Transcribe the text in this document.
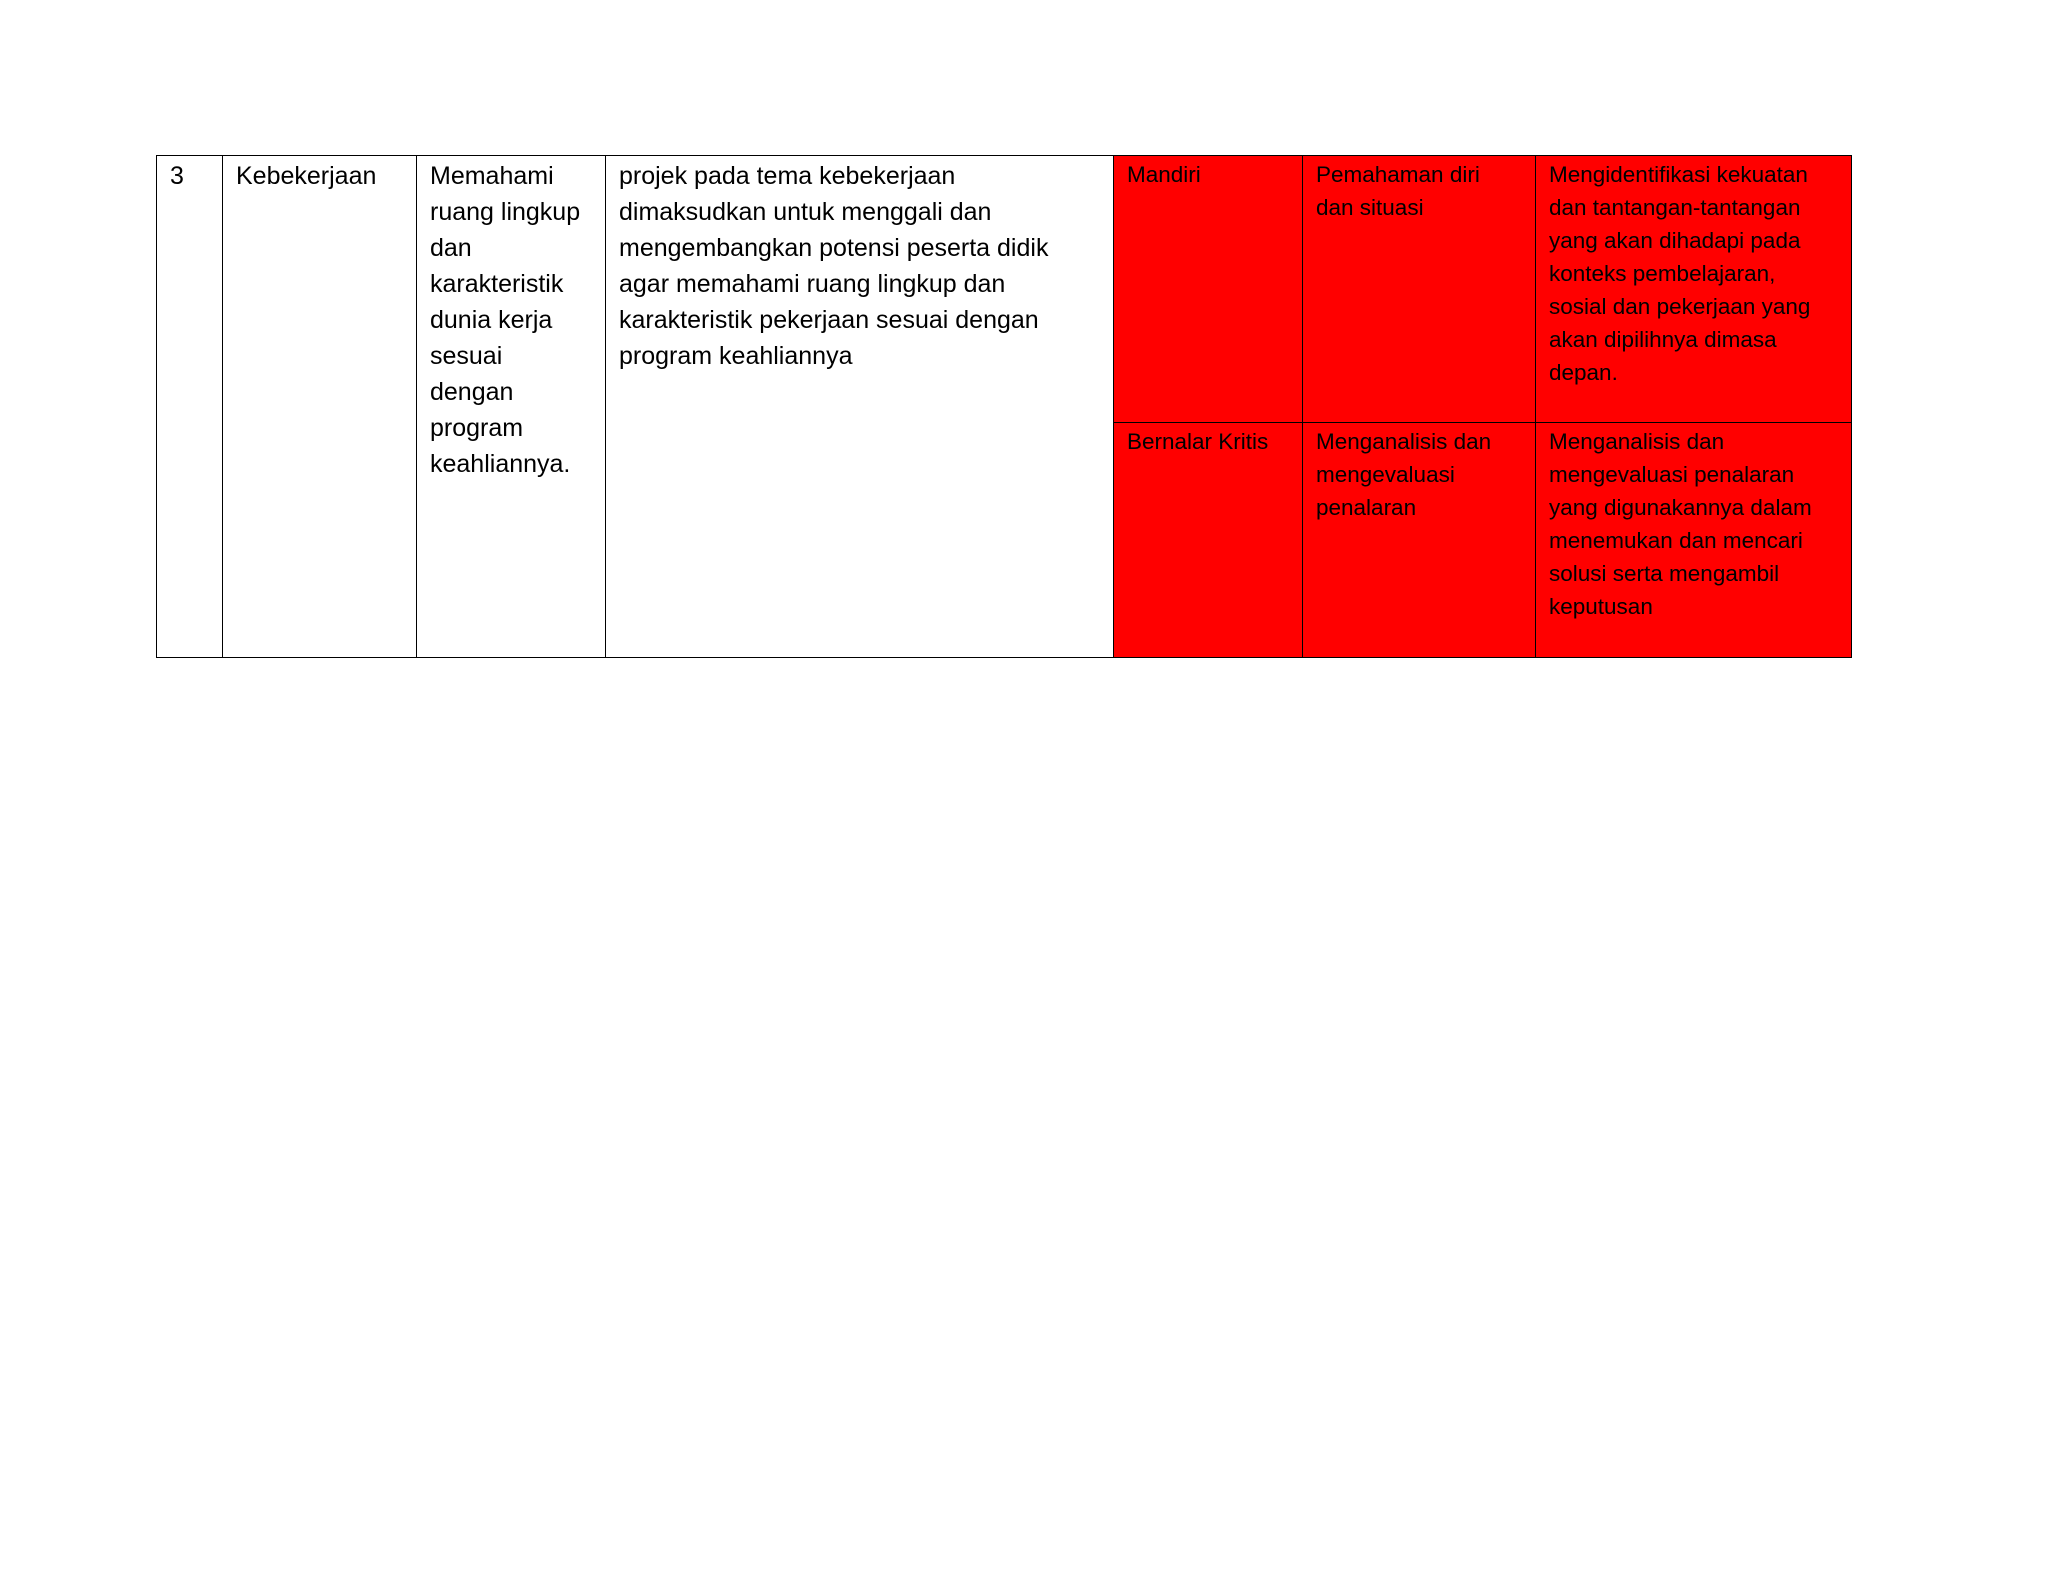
3	Kebekerjaan	Memahami ruang lingkup dan karakteristik dunia kerja sesuai dengan program keahliannya.	projek pada tema kebekerjaan dimaksudkan untuk menggali dan mengembangkan potensi peserta didik agar memahami ruang lingkup dan karakteristik pekerjaan sesuai dengan program keahliannya	Mandiri	Pemahaman diri dan situasi	Mengidentifikasi kekuatan dan tantangan-tantangan yang akan dihadapi pada konteks pembelajaran, sosial dan pekerjaan yang akan dipilihnya dimasa depan.
				Bernalar Kritis	Menganalisis dan mengevaluasi penalaran	Menganalisis dan mengevaluasi penalaran yang digunakannya dalam menemukan dan mencari solusi serta mengambil keputusan
